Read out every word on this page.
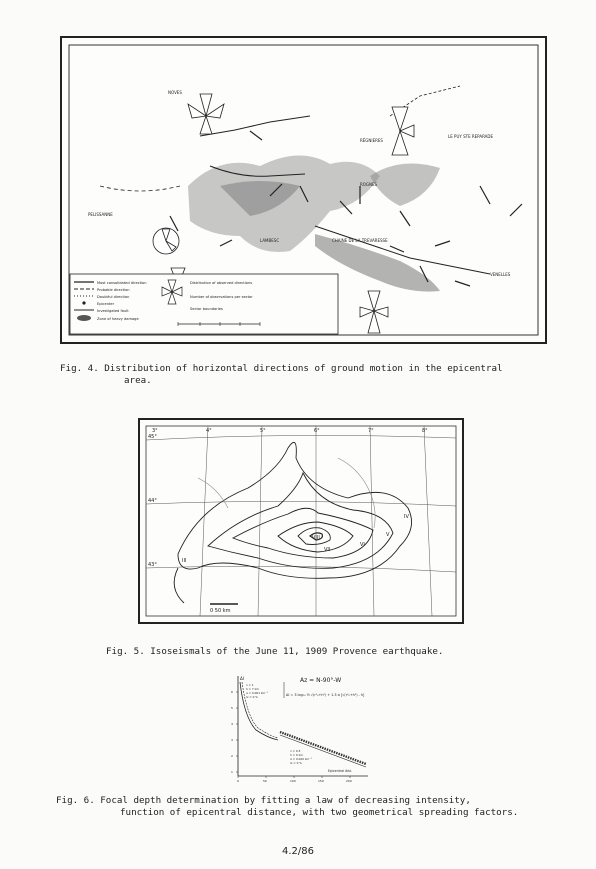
Most consolidated direction
Probable direction
Doubtful direction
Epicenter
Investigated fault
Zone of heavy damage
Distribution of observed directions
Number of observations per sector
Sector boundaries
NOVES
RÉGNIERES
LE PUY STE REPARADE
ROGNES
PELISSANNE
LAMBESC	CHAINE DE LA TREVARESSE
VENELLES
Fig. 4. Distribution of horizontal directions of ground motion in the epicentral
area.
45°
44°
43°
3°	4°	5°	6°	7°	8°
VIII
VII
VI
V
IV
III
0 50 km
Fig. 5. Isoseismals of the June 11, 1909 Provence earthquake.
Az = N-90°-W
ΔI = 3 log₁₀ ½ √(r²₀+h²) + 1.3 α [√(r²₀+h²) - h]
ΔI
Epicentral dist.
n = 1
h = 7 km
α = 0.001 km⁻¹
Ix = 0 %
n = 0.5
h = 9 km
α = 0.020 km⁻¹
Ix = 0 %
1
2
3
4
5
6
0	50	100	150	200
Fig. 6. Focal depth determination by fitting a law of decreasing intensity,
function of epicentral distance, with two geometrical spreading factors.
4.2/86
